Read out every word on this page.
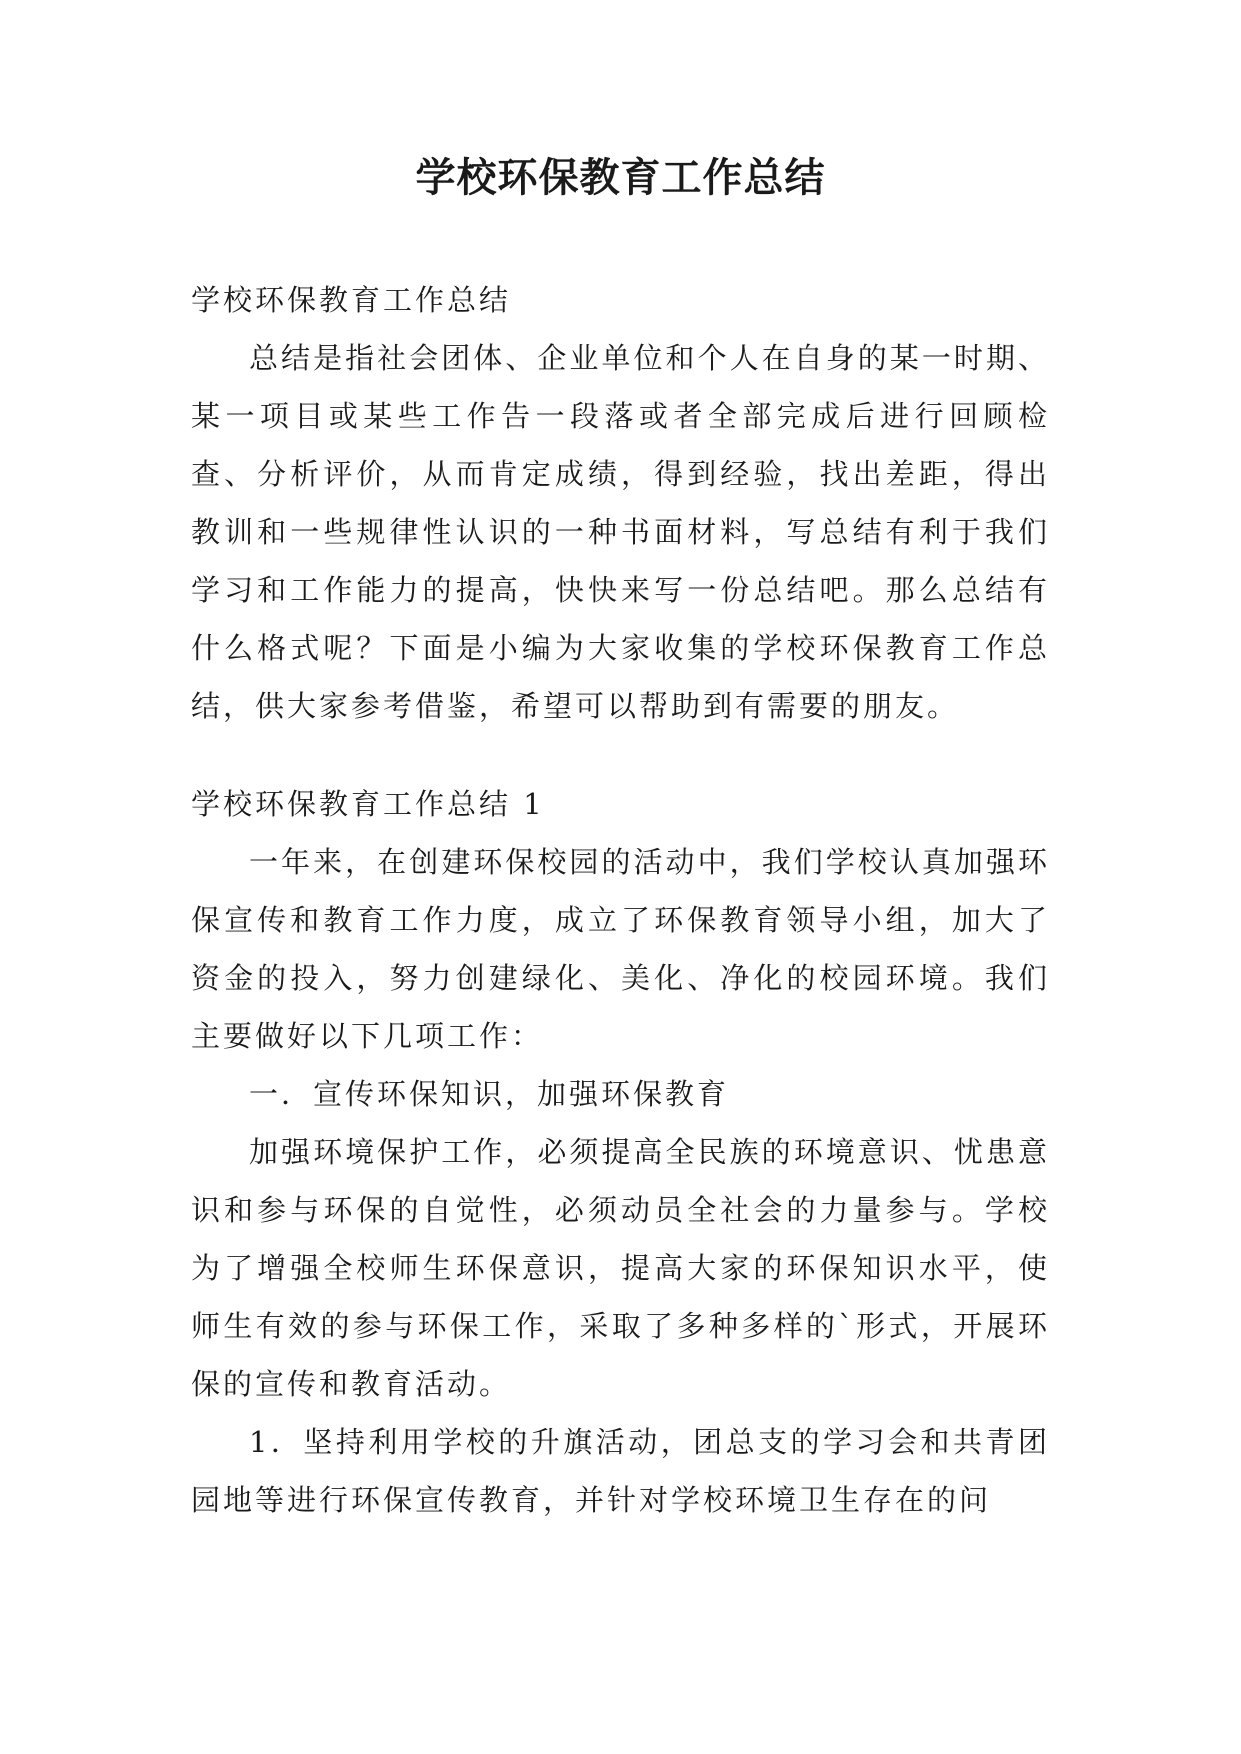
学校环保教育工作总结

学校环保教育工作总结

总结是指社会团体、企业单位和个人在自身的某一时期、某一项目或某些工作告一段落或者全部完成后进行回顾检查、分析评价，从而肯定成绩，得到经验，找出差距，得出教训和一些规律性认识的一种书面材料，写总结有利于我们学习和工作能力的提高，快快来写一份总结吧。那么总结有什么格式呢？下面是小编为大家收集的学校环保教育工作总结，供大家参考借鉴，希望可以帮助到有需要的朋友。

学校环保教育工作总结 1

一年来，在创建环保校园的活动中，我们学校认真加强环保宣传和教育工作力度，成立了环保教育领导小组，加大了资金的投入，努力创建绿化、美化、净化的校园环境。我们主要做好以下几项工作：

一．宣传环保知识，加强环保教育

加强环境保护工作，必须提高全民族的环境意识、忧患意识和参与环保的自觉性，必须动员全社会的力量参与。学校为了增强全校师生环保意识，提高大家的环保知识水平，使师生有效的参与环保工作，采取了多种多样的`形式，开展环保的宣传和教育活动。

1．坚持利用学校的升旗活动，团总支的学习会和共青团园地等进行环保宣传教育，并针对学校环境卫生存在的问
